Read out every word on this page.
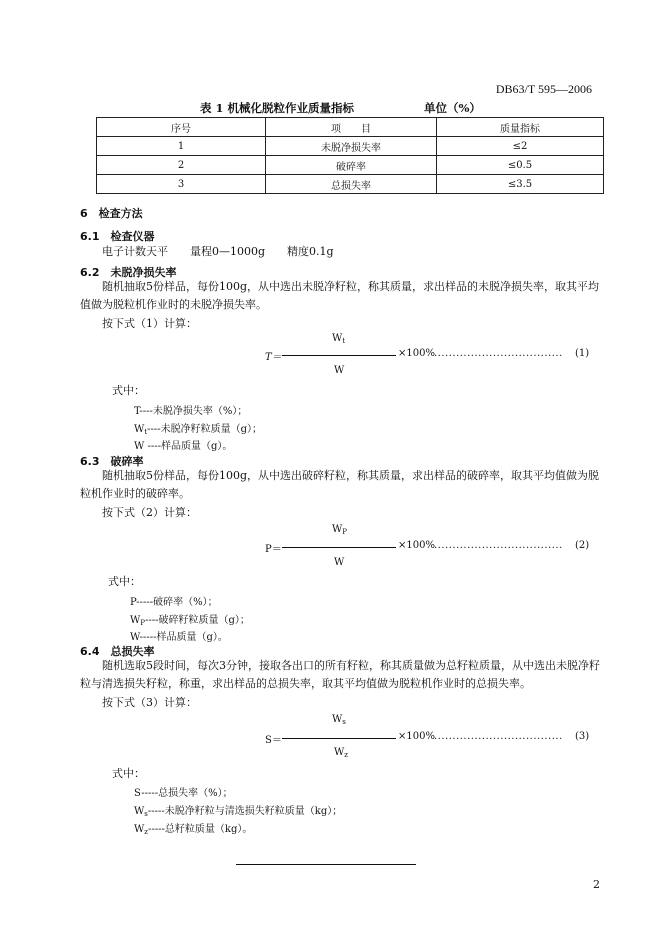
DB63/T 595—2006
表 1 机械化脱粒作业质量指标	单位（%）
序号	项　　目	质量指标
1	未脱净损失率	≤2
2	破碎率	≤0.5
3	总损失率	≤3.5
6　检查方法
6.1　检查仪器
电子计数天平　　量程0—1000g　　精度0.1g
6.2　未脱净损失率
随机抽取5份样品，每份100g，从中选出未脱净籽粒，称其质量，求出样品的未脱净损失率，取其平均值做为脱粒机作业时的未脱净损失率。
按下式（1）计算：
$W_t$
T＝	×100% ................................... (1)
W
式中：
T----未脱净损失率（%）；
$W_t----$未脱净籽粒质量（g）；
W ----样品质量（g）。
6.3　破碎率
随机抽取5份样品，每份100g，从中选出破碎籽粒，称其质量，求出样品的破碎率，取其平均值做为脱粒机作业时的破碎率。
按下式（2）计算：
$W_P$
P＝	×100% ................................... (2)
W
式中：
P-----破碎率（%）；
$W_P----$破碎籽粒质量（g）；
W-----样品质量（g）。
6.4　总损失率
随机选取5段时间，每次3分钟，接取各出口的所有籽粒，称其质量做为总籽粒质量，从中选出未脱净籽粒与清选损失籽粒，称重，求出样品的总损失率，取其平均值做为脱粒机作业时的总损失率。
按下式（3）计算：
$W_s$
S＝	×100% ................................... (3)
$W_z$
式中：
S-----总损失率（%）；
$W_s-----$未脱净籽粒与清选损失籽粒质量（kg）；
$W_z-----$总籽粒质量（kg）。
2
